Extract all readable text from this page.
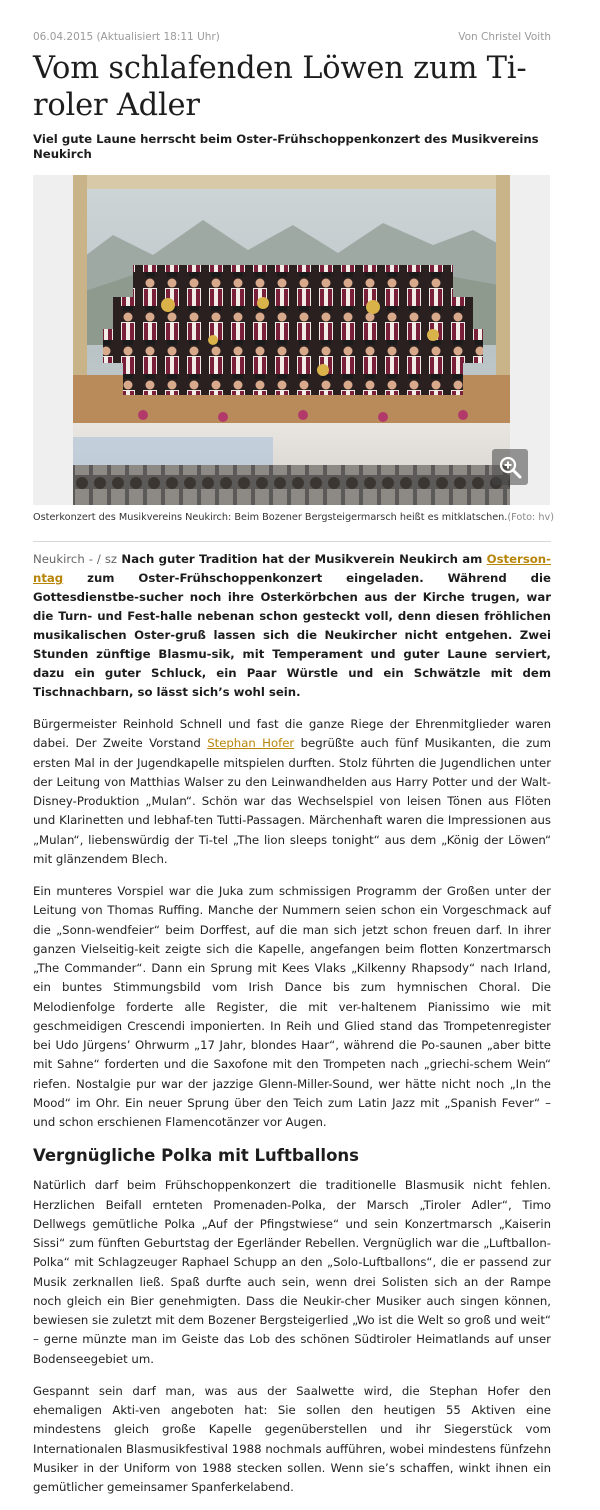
06.04.2015 (Aktualisiert 18:11 Uhr)	Von Christel Voith
Vom schlafenden Löwen zum Ti-roler Adler

Viel gute Laune herrscht beim Oster-Frühschoppenkonzert des Musikvereins Neukirch

Osterkonzert des Musikvereins Neukirch: Beim Bozener Bergsteigermarsch heißt es mitklatschen.(Foto: hv)

Neukirch - / sz Nach guter Tradition hat der Musikverein Neukirch am Osterson-ntag zum Oster-Frühschoppenkonzert eingeladen. Während die Gottesdienstbe-sucher noch ihre Osterkörbchen aus der Kirche trugen, war die Turn- und Fest-halle nebenan schon gesteckt voll, denn diesen fröhlichen musikalischen Oster-gruß lassen sich die Neukircher nicht entgehen. Zwei Stunden zünftige Blasmu-sik, mit Temperament und guter Laune serviert, dazu ein guter Schluck, ein Paar Würstle und ein Schwätzle mit dem Tischnachbarn, so lässt sich’s wohl sein.

Bürgermeister Reinhold Schnell und fast die ganze Riege der Ehrenmitglieder waren dabei. Der Zweite Vorstand Stephan Hofer begrüßte auch fünf Musikanten, die zum ersten Mal in der Jugendkapelle mitspielen durften. Stolz führten die Jugendlichen unter der Leitung von Matthias Walser zu den Leinwandhelden aus Harry Potter und der Walt-Disney-Produktion „Mulan“. Schön war das Wechselspiel von leisen Tönen aus Flöten und Klarinetten und lebhaf-ten Tutti-Passagen. Märchenhaft waren die Impressionen aus „Mulan“, liebenswürdig der Ti-tel „The lion sleeps tonight“ aus dem „König der Löwen“ mit glänzendem Blech.

Ein munteres Vorspiel war die Juka zum schmissigen Programm der Großen unter der Leitung von Thomas Ruffing. Manche der Nummern seien schon ein Vorgeschmack auf die „Sonn-wendfeier“ beim Dorffest, auf die man sich jetzt schon freuen darf. In ihrer ganzen Vielseitig-keit zeigte sich die Kapelle, angefangen beim flotten Konzertmarsch „The Commander“. Dann ein Sprung mit Kees Vlaks „Kilkenny Rhapsody“ nach Irland, ein buntes Stimmungsbild vom Irish Dance bis zum hymnischen Choral. Die Melodienfolge forderte alle Register, die mit ver-haltenem Pianissimo wie mit geschmeidigen Crescendi imponierten. In Reih und Glied stand das Trompetenregister bei Udo Jürgens’ Ohrwurm „17 Jahr, blondes Haar“, während die Po-saunen „aber bitte mit Sahne“ forderten und die Saxofone mit den Trompeten nach „griechi-schem Wein“ riefen. Nostalgie pur war der jazzige Glenn-Miller-Sound, wer hätte nicht noch „In the Mood“ im Ohr. Ein neuer Sprung über den Teich zum Latin Jazz mit „Spanish Fever“ – und schon erschienen Flamencotänzer vor Augen.

Vergnügliche Polka mit Luftballons

Natürlich darf beim Frühschoppenkonzert die traditionelle Blasmusik nicht fehlen. Herzlichen Beifall ernteten Promenaden-Polka, der Marsch „Tiroler Adler“, Timo Dellwegs gemütliche Polka „Auf der Pfingstwiese“ und sein Konzertmarsch „Kaiserin Sissi“ zum fünften Geburtstag der Egerländer Rebellen. Vergnüglich war die „Luftballon-Polka“ mit Schlagzeuger Raphael Schupp an den „Solo-Luftballons“, die er passend zur Musik zerknallen ließ. Spaß durfte auch sein, wenn drei Solisten sich an der Rampe noch gleich ein Bier genehmigten. Dass die Neukir-cher Musiker auch singen können, bewiesen sie zuletzt mit dem Bozener Bergsteigerlied „Wo ist die Welt so groß und weit“ – gerne münzte man im Geiste das Lob des schönen Südtiroler Heimatlands auf unser Bodenseegebiet um.

Gespannt sein darf man, was aus der Saalwette wird, die Stephan Hofer den ehemaligen Akti-ven angeboten hat: Sie sollen den heutigen 55 Aktiven eine mindestens gleich große Kapelle gegenüberstellen und ihr Siegerstück vom Internationalen Blasmusikfestival 1988 nochmals aufführen, wobei mindestens fünfzehn Musiker in der Uniform von 1988 stecken sollen. Wenn sie’s schaffen, winkt ihnen ein gemütlicher gemeinsamer Spanferkelabend.
